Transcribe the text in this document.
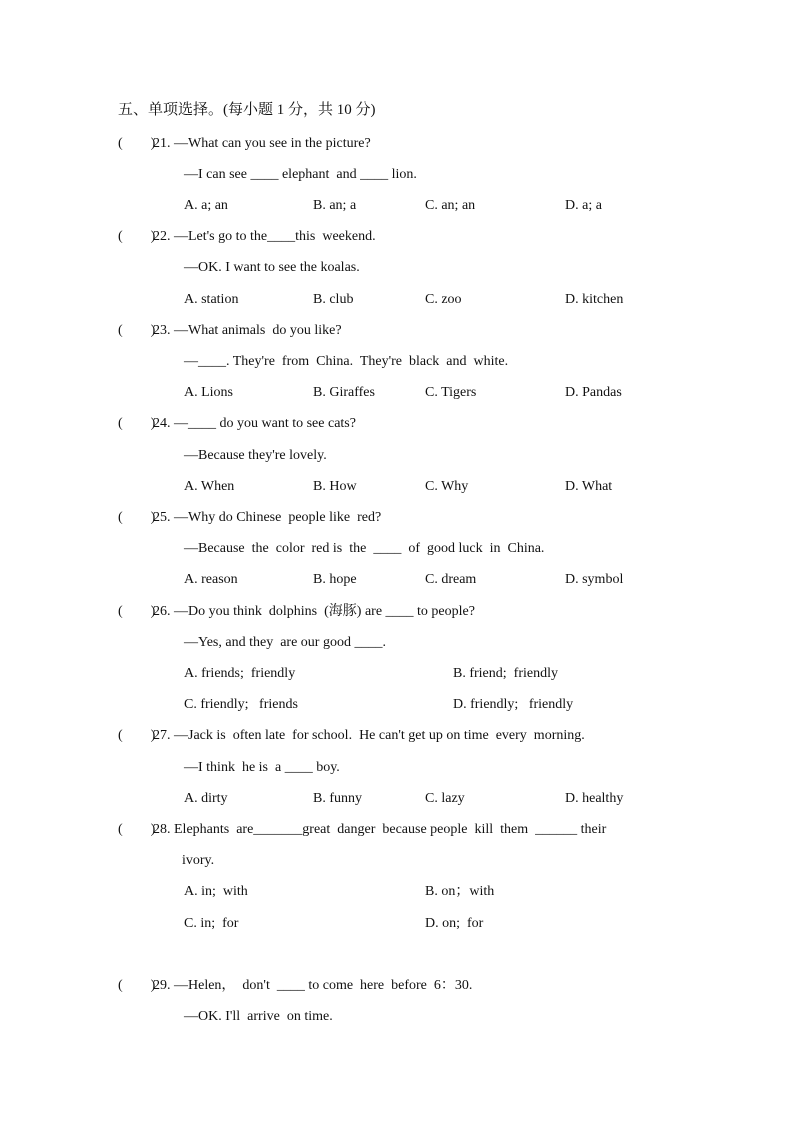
五、单项选择。(每小题 1 分，共 10 分)
(        )
21. —What can you see in the picture?
—I can see ____ elephant  and ____ lion.
A. a; an	B. an; a	C. an; an	D. a; a
(        )
22. —Let's go to the____this  weekend.
—OK. I want to see the koalas.
A. station	B. club	C. zoo	D. kitchen
(        )
23. —What animals  do you like?
—____. They're  from  China.  They're  black  and  white.
A. Lions	B. Giraffes	C. Tigers	D. Pandas
(        )
24. —____ do you want to see cats?
—Because they're lovely.
A. When	B. How	C. Why	D. What
(        )
25. —Why do Chinese  people like  red?
—Because  the  color  red is  the  ____  of  good luck  in  China.
A. reason	B. hope	C. dream	D. symbol
(        )
26. —Do you think  dolphins  (海豚) are ____ to people?
—Yes, and they  are our good ____.
A. friends;  friendly	B. friend;  friendly
C. friendly;   friends	D. friendly;   friendly
(        )
27. —Jack is  often late  for school.  He can't get up on time  every  morning.
—I think  he is  a ____ boy.
A. dirty	B. funny	C. lazy	D. healthy
(        )
28. Elephants  are_______great  danger  because people  kill  them  ______ their
ivory.
A. in;  with	B. on；with
C. in;  for	D. on;  for
(        )
29. —Helen，  don't  ____ to come  here  before  6：30.
—OK. I'll  arrive  on time.
